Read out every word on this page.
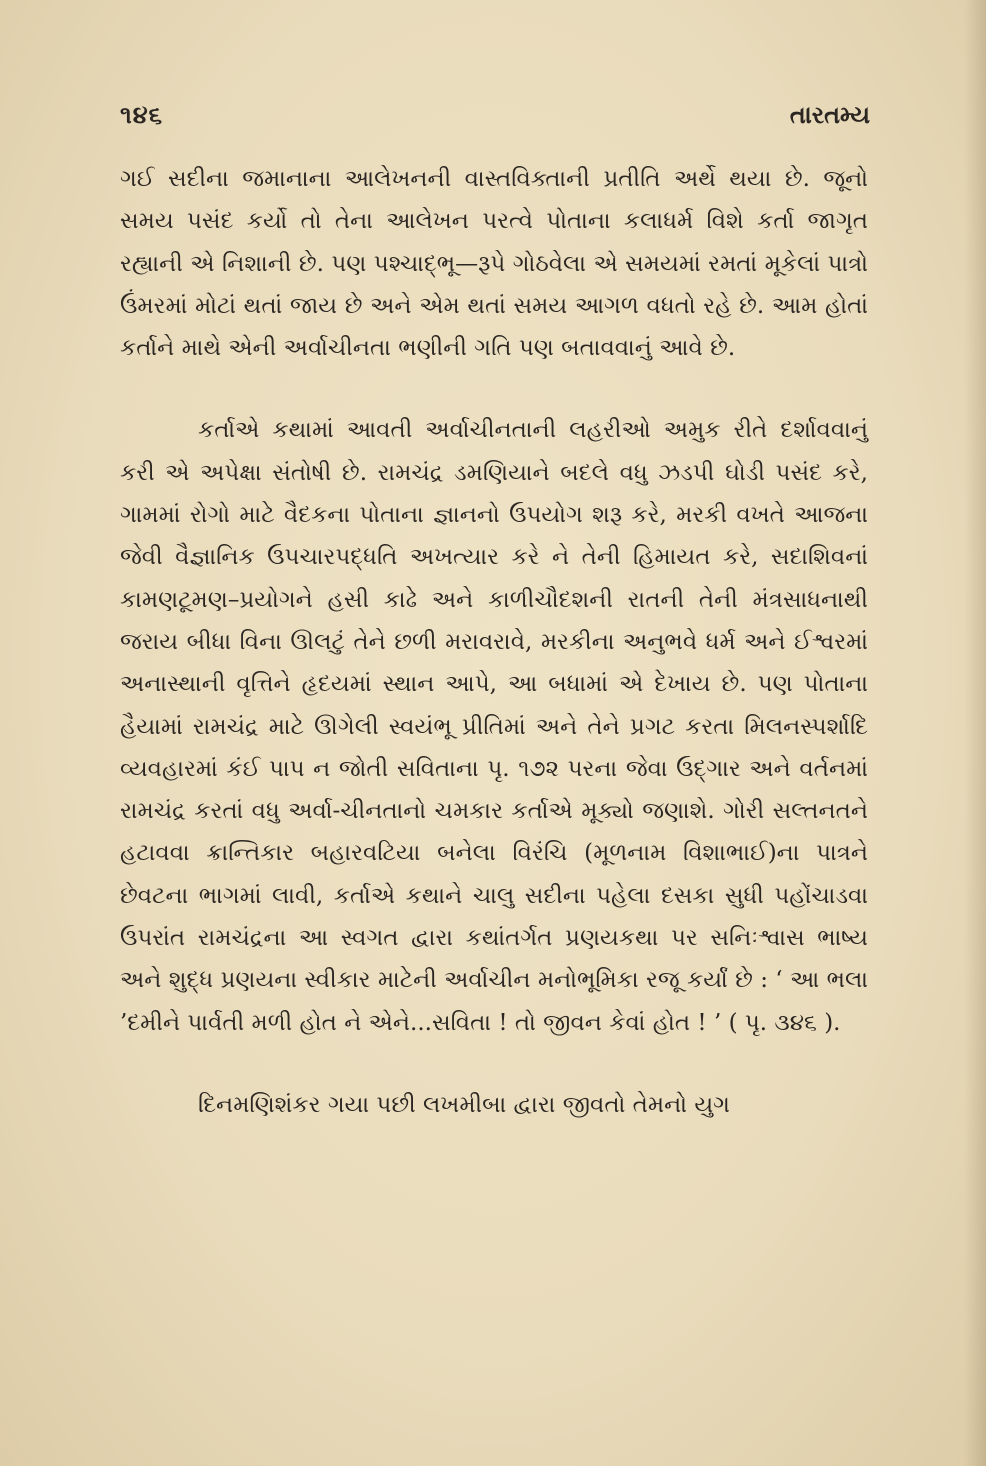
૧૪૬	તારતમ્ય

ગઈ સદીના જમાનાના આલેખનની વાસ્તવિક્તાની પ્રતીતિ અર્થે થયા છે. જૂનો સમય પસંદ કર્યો તો તેના આલેખન પરત્વે પોતાના કલાધર્મ વિશે કર્તા જાગૃત રહ્યાની એ નિશાની છે. પણ પશ્ચાદ્ભૂ—રૂપે ગોઠવેલા એ સમયમાં રમતાં મૂકેલાં પાત્રો ઉંમરમાં મોટાં થતાં જાય છે અને એમ થતાં સમય આગળ વધતો રહે છે. આમ હોતાં કર્તાને માથે એની અર્વાચીનતા ભણીની ગતિ પણ બતાવવાનું આવે છે.

કર્તાએ કથામાં આવતી અર્વાચીનતાની લહરીઓ અમુક રીતે દર્શાવવાનું કરી એ અપેક્ષા સંતોષી છે. રામચંદ્ર ડમણિયાને બદલે વધુ ઝડપી ઘોડી પસંદ કરે, ગામમાં રોગો માટે વૈદકના પોતાના જ્ઞાનનો ઉપયોગ શરૂ કરે, મરકી વખતે આજના જેવી વૈજ્ઞાનિક ઉપચારપદ્ધતિ અખત્યાર કરે ને તેની હિમાયત કરે, સદાશિવનાં કામણટૂમણ–પ્રયોગને હસી કાઢે અને કાળીચૌદશની રાતની તેની મંત્રસાધનાથી જરાય બીધા વિના ઊલટું તેને છળી મરાવરાવે, મરકીના અનુભવે ધર્મ અને ઈશ્વરમાં અનાસ્થાની વૃત્તિને હૃદયમાં સ્થાન આપે, આ બધામાં એ દેખાય છે. પણ પોતાના હૈયામાં રામચંદ્ર માટે ઊગેલી સ્વયંભૂ પ્રીતિમાં અને તેને પ્રગટ કરતા મિલનસ્પર્શાદિ વ્યવહારમાં કંઈ પાપ ન જોતી સવિતાના પૃ. ૧૭૨ પરના જેવા ઉદ્ગાર અને વર્તનમાં રામચંદ્ર કરતાં વધુ અર્વા-ચીનતાનો ચમકાર કર્તાએ મૂક્યો જણાશે. ગોરી સલ્તનતને હટાવવા ક્રાન્તિકાર બહારવટિયા બનેલા વિરંચિ (મૂળનામ વિશાભાઈ)ના પાત્રને છેવટના ભાગમાં લાવી, કર્તાએ કથાને ચાલુ સદીના પહેલા દસકા સુધી પહોંચાડવા ઉપરાંત રામચંદ્રના આ સ્વગત દ્વારા કથાંતર્ગત પ્રણયકથા પર સનિઃશ્વાસ ભાષ્ય અને શુદ્ધ પ્રણયના સ્વીકાર માટેની અર્વાચીન મનોભૂમિકા રજૂ કર્યાં છે : ‘ આ ભલા ’દમીને પાર્વતી મળી હોત ને એને...સવિતા ! તો જીવન કેવાં હોત ! ’ ( પૃ. ૩૪૬ ).

દિનમણિશંકર ગયા પછી લખમીબા દ્વારા જીવતો તેમનો યુગ
